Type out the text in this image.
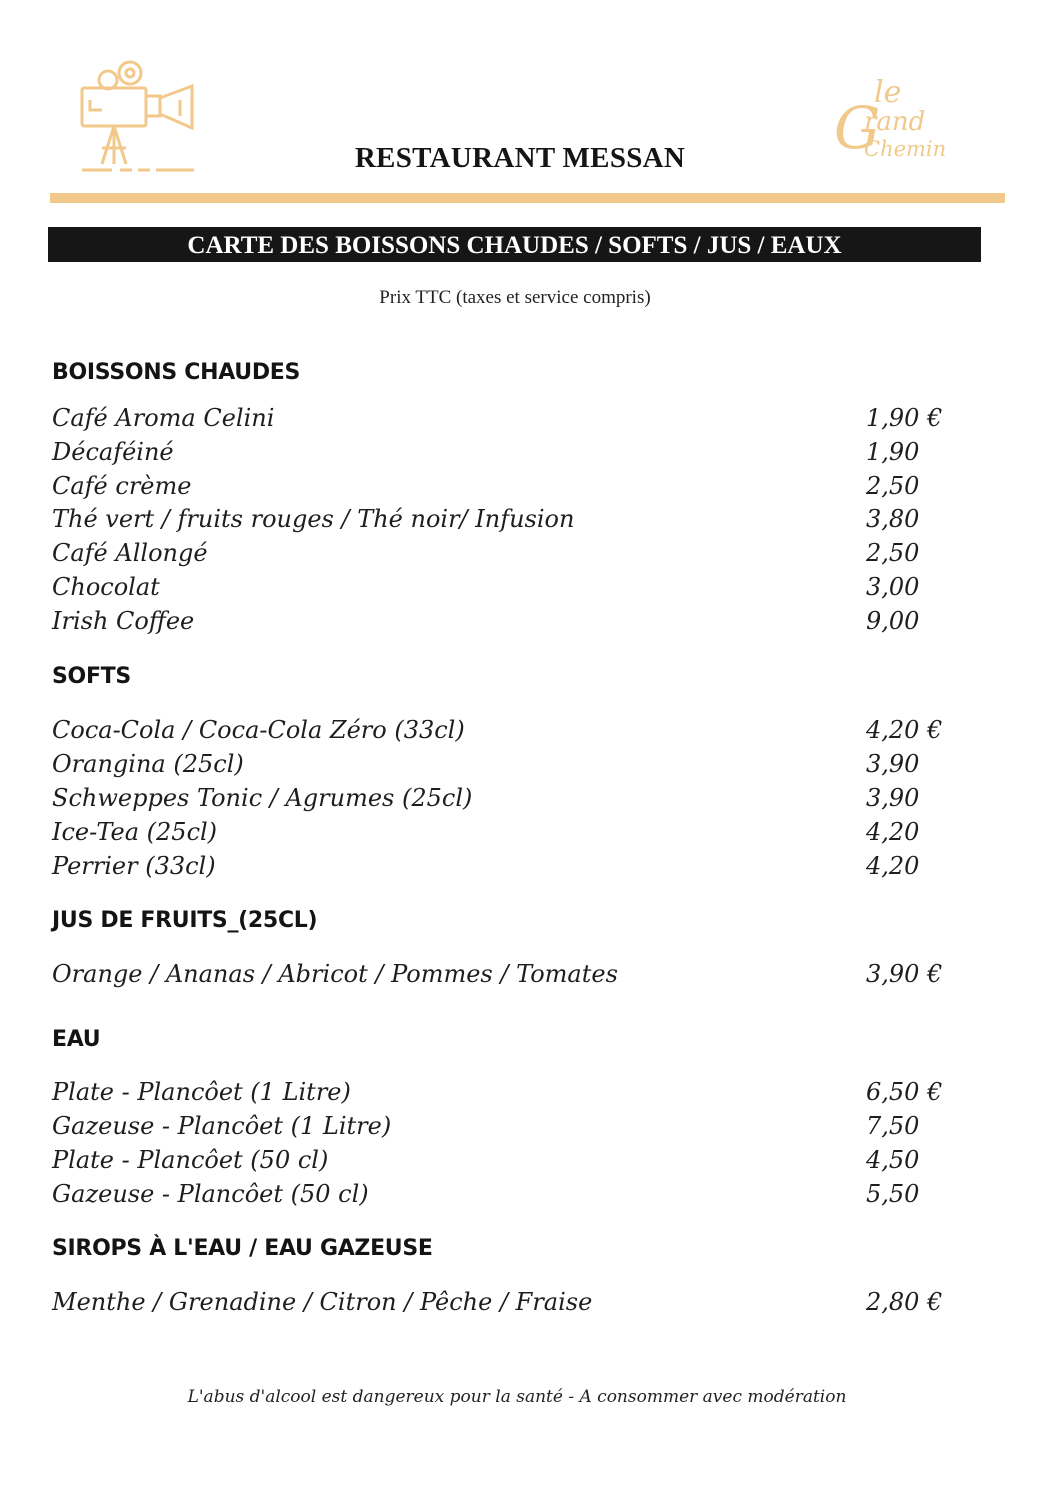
le
G
rand
Chemin
RESTAURANT MESSAN
CARTE DES BOISSONS CHAUDES / SOFTS / JUS / EAUX
Prix TTC (taxes et service compris)
BOISSONS CHAUDES
Café Aroma Celini	1,90 €
Décaféiné	1,90
Café crème	2,50
Thé vert / fruits rouges / Thé noir/ Infusion	3,80
Café Allongé	2,50
Chocolat	3,00
Irish Coffee	9,00
SOFTS
Coca-Cola / Coca-Cola Zéro (33cl)	4,20 €
Orangina (25cl)	3,90
Schweppes Tonic / Agrumes (25cl)	3,90
Ice-Tea (25cl)	4,20
Perrier (33cl)	4,20
JUS DE FRUITS_(25CL)
Orange / Ananas / Abricot / Pommes / Tomates	3,90 €
EAU
Plate - Plancôet (1 Litre)	6,50 €
Gazeuse - Plancôet (1 Litre)	7,50
Plate - Plancôet (50 cl)	4,50
Gazeuse - Plancôet (50 cl)	5,50
SIROPS À L'EAU / EAU GAZEUSE
Menthe / Grenadine / Citron / Pêche / Fraise	2,80 €
L'abus d'alcool est dangereux pour la santé - A consommer avec modération
